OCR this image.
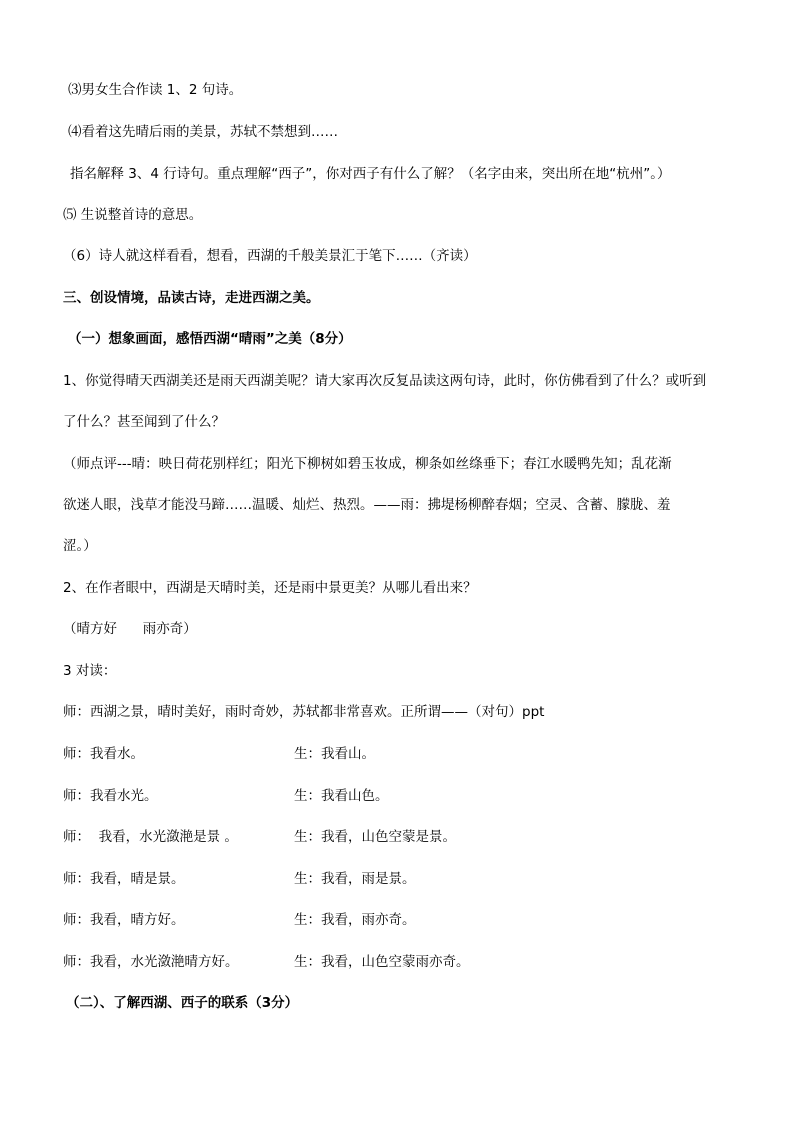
⑶男女生合作读 1、2 句诗。
⑷看着这先晴后雨的美景，苏轼不禁想到……
指名解释 3、4 行诗句。重点理解“西子”，你对西子有什么了解？（名字由来，突出所在地“杭州”。）
⑸ 生说整首诗的意思。
（6）诗人就这样看看，想看，西湖的千般美景汇于笔下……（齐读）
三、创设情境，品读古诗，走进西湖之美。
（一）想象画面，感悟西湖“晴雨”之美（8分）
1、你觉得晴天西湖美还是雨天西湖美呢？请大家再次反复品读这两句诗，此时，你仿佛看到了什么？或听到
了什么？甚至闻到了什么？
（师点评---晴：映日荷花别样红；阳光下柳树如碧玉妆成，柳条如丝绦垂下；春江水暖鸭先知；乱花渐
欲迷人眼，浅草才能没马蹄……温暖、灿烂、热烈。——雨：拂堤杨柳醉春烟；空灵、含蓄、朦胧、羞
涩。）
2、在作者眼中，西湖是天晴时美，还是雨中景更美？从哪儿看出来？
（晴方好      雨亦奇）
3 对读：
师：西湖之景，晴时美好，雨时奇妙，苏轼都非常喜欢。正所谓——（对句）ppt
师：我看水。	生：我看山。
师：我看水光。	生：我看山色。
师：  我看，水光潋滟是景 。	生：我看，山色空蒙是景。
师：我看，晴是景。	生：我看，雨是景。
师：我看，晴方好。	生：我看，雨亦奇。
师：我看，水光潋滟晴方好。	生：我看，山色空蒙雨亦奇。
（二）、了解西湖、西子的联系（3分）
